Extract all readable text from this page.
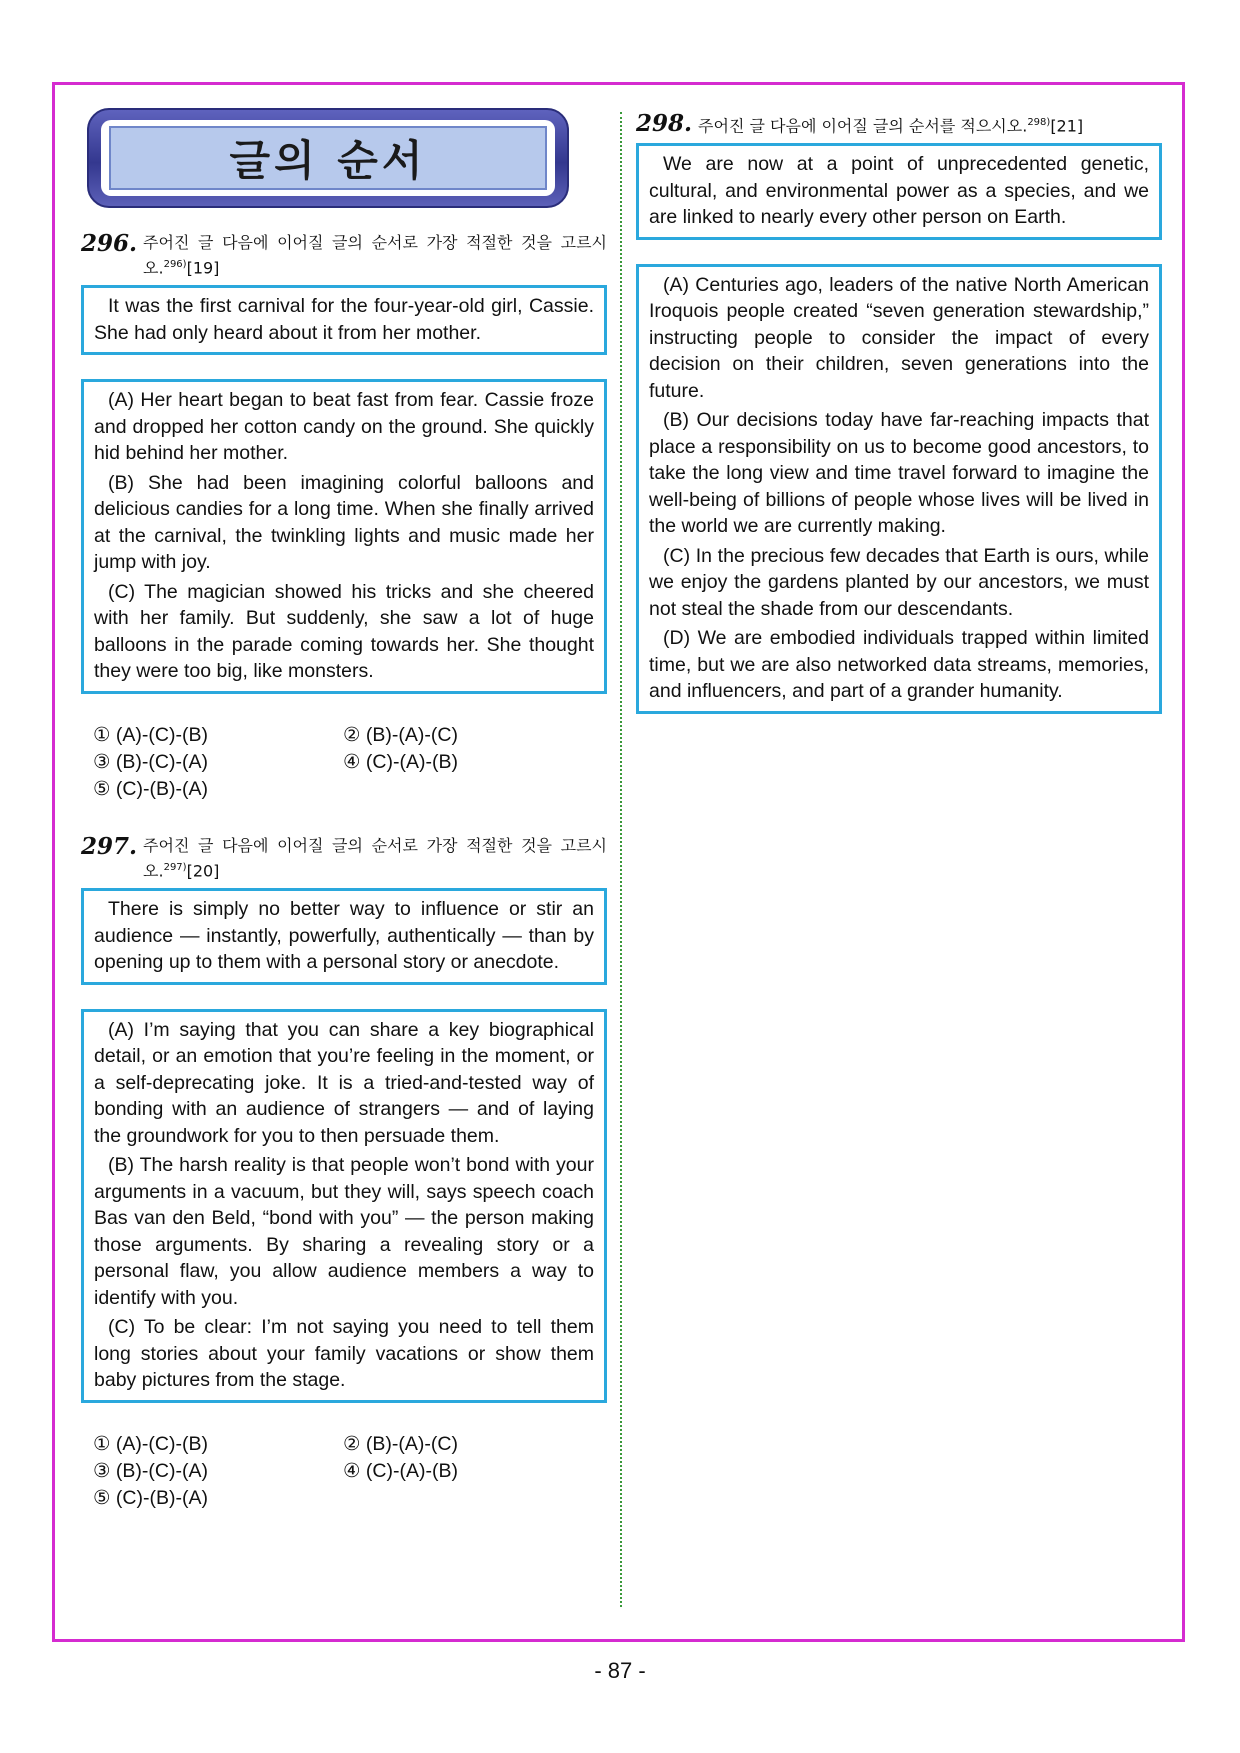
글의 순서
296. 주어진 글 다음에 이어질 글의 순서로 가장 적절한 것을 고르시오.$^{296)}$[19]

It was the first carnival for the four-year-old girl, Cassie. She had only heard about it from her mother.

(A) Her heart began to beat fast from fear. Cassie froze and dropped her cotton candy on the ground. She quickly hid behind her mother.

(B) She had been imagining colorful balloons and delicious candies for a long time. When she finally arrived at the carnival, the twinkling lights and music made her jump with joy.

(C) The magician showed his tricks and she cheered with her family. But suddenly, she saw a lot of huge balloons in the parade coming towards her. She thought they were too big, like monsters.

① (A)-(C)-(B)	② (B)-(A)-(C)
③ (B)-(C)-(A)	④ (C)-(A)-(B)
⑤ (C)-(B)-(A)
297. 주어진 글 다음에 이어질 글의 순서로 가장 적절한 것을 고르시오.$^{297)}$[20]

There is simply no better way to influence or stir an audience — instantly, powerfully, authentically — than by opening up to them with a personal story or anecdote.

(A) I’m saying that you can share a key biographical detail, or an emotion that you’re feeling in the moment, or a self-deprecating joke. It is a tried-and-tested way of bonding with an audience of strangers — and of laying the groundwork for you to then persuade them.

(B) The harsh reality is that people won’t bond with your arguments in a vacuum, but they will, says speech coach Bas van den Beld, “bond with you” — the person making those arguments. By sharing a revealing story or a personal flaw, you allow audience members a way to identify with you.

(C) To be clear: I’m not saying you need to tell them long stories about your family vacations or show them baby pictures from the stage.

① (A)-(C)-(B)	② (B)-(A)-(C)
③ (B)-(C)-(A)	④ (C)-(A)-(B)
⑤ (C)-(B)-(A)
298. 주어진 글 다음에 이어질 글의 순서를 적으시오.$^{298)}$[21]

We are now at a point of unprecedented genetic, cultural, and environmental power as a species, and we are linked to nearly every other person on Earth.

(A) Centuries ago, leaders of the native North American Iroquois people created “seven generation stewardship,” instructing people to consider the impact of every decision on their children, seven generations into the future.

(B) Our decisions today have far-reaching impacts that place a responsibility on us to become good ancestors, to take the long view and time travel forward to imagine the well-being of billions of people whose lives will be lived in the world we are currently making.

(C) In the precious few decades that Earth is ours, while we enjoy the gardens planted by our ancestors, we must not steal the shade from our descendants.

(D) We are embodied individuals trapped within limited time, but we are also networked data streams, memories, and influencers, and part of a grander humanity.

- 87 -
